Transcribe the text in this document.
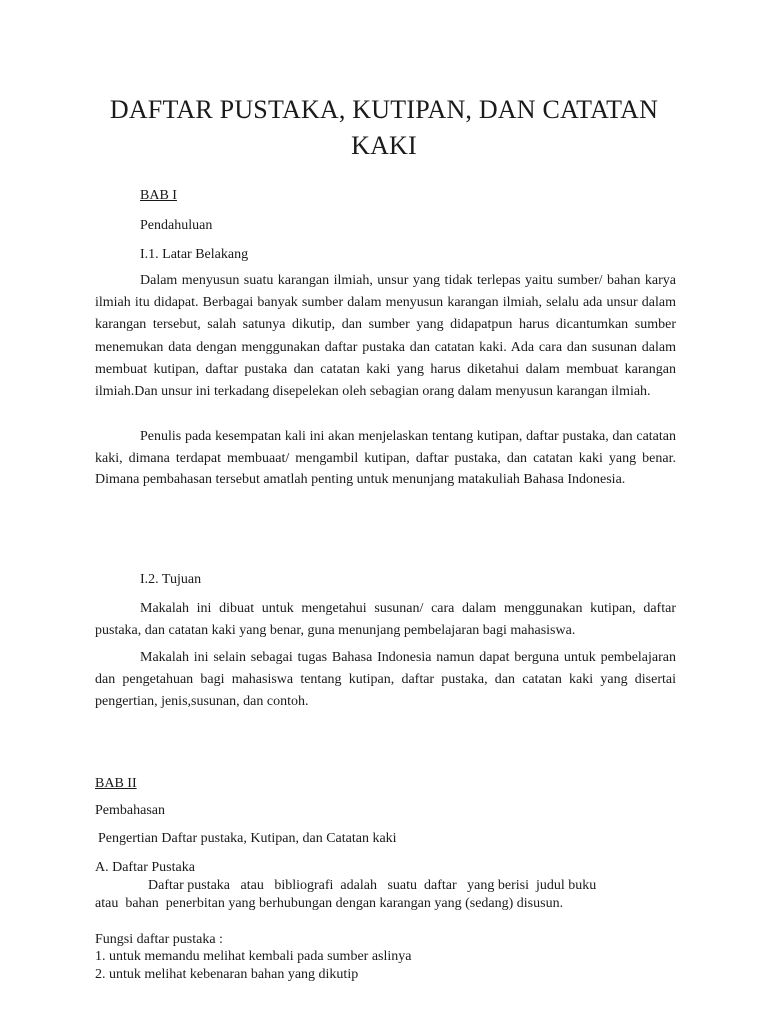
DAFTAR PUSTAKA, KUTIPAN, DAN CATATAN KAKI

BAB I

Pendahuluan

I.1. Latar Belakang

Dalam menyusun suatu karangan ilmiah, unsur yang tidak terlepas yaitu sumber/ bahan karya ilmiah itu didapat. Berbagai banyak sumber dalam menyusun karangan ilmiah, selalu ada unsur dalam karangan tersebut, salah satunya dikutip, dan sumber yang didapatpun harus dicantumkan sumber menemukan data dengan menggunakan daftar pustaka dan catatan kaki. Ada cara dan susunan dalam membuat kutipan, daftar pustaka dan catatan kaki yang harus diketahui dalam membuat karangan ilmiah.Dan unsur ini terkadang disepelekan oleh sebagian orang dalam menyusun karangan ilmiah.

Penulis pada kesempatan kali ini akan menjelaskan tentang kutipan, daftar pustaka, dan catatan kaki, dimana terdapat membuaat/ mengambil kutipan, daftar pustaka, dan catatan kaki yang benar. Dimana pembahasan tersebut amatlah penting untuk menunjang matakuliah Bahasa Indonesia.

I.2. Tujuan

Makalah ini dibuat untuk mengetahui susunan/ cara dalam menggunakan kutipan, daftar pustaka, dan catatan kaki yang benar, guna menunjang pembelajaran bagi mahasiswa.

Makalah ini selain sebagai tugas Bahasa Indonesia namun dapat berguna untuk pembelajaran dan pengetahuan bagi mahasiswa tentang kutipan, daftar pustaka, dan catatan kaki yang disertai pengertian, jenis,susunan, dan contoh.

BAB II

Pembahasan

Pengertian Daftar pustaka, Kutipan, dan Catatan kaki

A. Daftar Pustaka

Daftar pustaka   atau   bibliografi  adalah   suatu  daftar   yang berisi  judul buku

atau  bahan  penerbitan yang berhubungan dengan karangan yang (sedang) disusun.

Fungsi daftar pustaka :

1. untuk memandu melihat kembali pada sumber aslinya

2. untuk melihat kebenaran bahan yang dikutip
